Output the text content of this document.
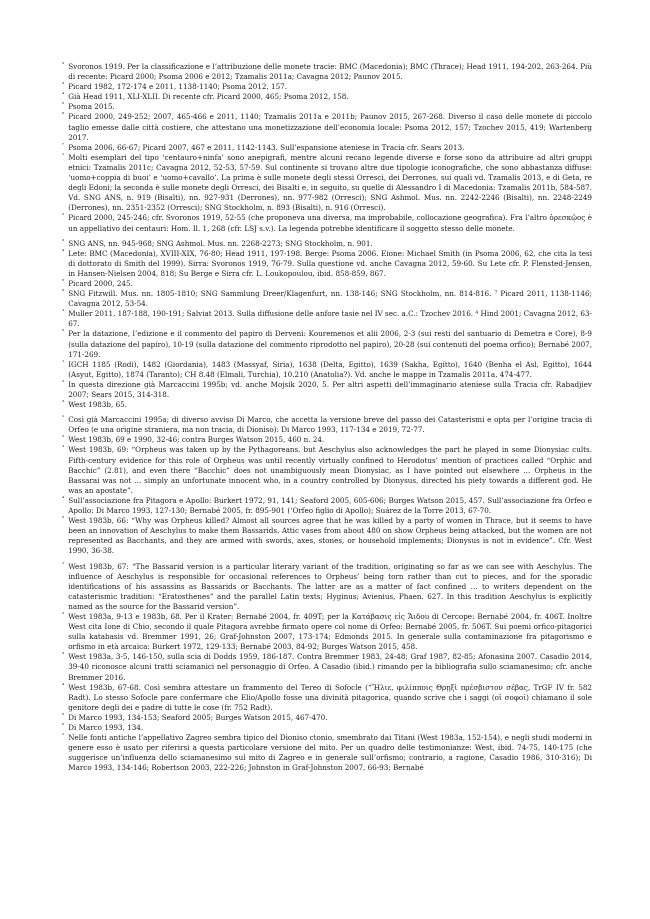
² Svoronos 1919. Per la classificazione e l’attribuzione delle monete tracie: BMC (Macedonia); BMC (Thrace); Head 1911, 194-202, 263-264. Più di recente: Picard 2000; Psoma 2006 e 2012; Tzamalis 2011a; Cavagna 2012; Paunov 2015.

³ Picard 1982, 172-174 e 2011, 1138-1140; Psoma 2012, 157.

⁴ Già Head 1911, XLI-XLII. Di recente cfr. Picard 2000, 465; Psoma 2012, 158.

⁵ Psoma 2015.

⁶ Picard 2000, 249-252; 2007, 465-466 e 2011, 1140; Tzamalis 2011a e 2011b; Paunov 2015, 267-268. Diverso il caso delle monete di piccolo taglio emesse dalle città costiere, che attestano una monetizzazione dell’economia locale: Psoma 2012, 157; Tzochev 2015, 419; Wartenberg 2017.

⁷ Psoma 2006, 66-67; Picard 2007, 467 e 2011, 1142-1143. Sull’espansione ateniese in Tracia cfr. Sears 2013.

¹ Molti esemplari del tipo ‘centauro+ninfa’ sono anepigrafi, mentre alcuni recano legende diverse e forse sono da attribuire ad altri gruppi etnici: Tzamalis 2011c; Cavagna 2012, 52-53, 57-59. Sul continente si trovano altre due tipologie iconografiche, che sono abbastanza diffuse: ‘uomo+coppia di buoi’ e ‘uomo+cavallo’. La prima è sulle monete degli stessi Orresci, dei Derrones, sui quali vd. Tzamalis 2013, e di Geta, re degli Edoni; la seconda è sulle monete degli Orresci, dei Bisalti e, in seguito, su quelle di Alessandro I di Macedonia: Tzamalis 2011b, 584-587. Vd. SNG ANS, n. 919 (Bisalti), nn. 927-931 (Derrones), nn. 977-982 (Orresci); SNG Ashmol. Mus. nn. 2242-2246 (Bisalti), nn. 2248-2249 (Derrones), nn. 2351-2352 (Orresci); SNG Stockholm, n. 893 (Bisalti), n. 916 (Orresci).

² Picard 2000, 245-246; cfr. Svoronos 1919, 52-55 (che proponeva una diversa, ma improbabile, collocazione geografica). Fra l’altro ὀρεσκῷος è un appellativo dei centauri: Hom. Il. 1, 268 (cfr. LSJ s.v.). La legenda potrebbe identificare il soggetto stesso delle monete.

³ SNG ANS, nn. 945-968; SNG Ashmol. Mus. nn. 2268-2273; SNG Stockholm, n. 901.

⁴ Lete: BMC (Macedonia), XVIII-XIX, 76-80; Head 1911, 197-198. Berge: Psoma 2006. Eione: Michael Smith (in Psoma 2006, 62, che cita la tesi di dottorato di Smith del 1999). Sirra: Svoronos 1919, 76-79. Sulla questione vd. anche Cavagna 2012, 59-60. Su Lete cfr. P. Flensted-Jensen, in Hansen-Nielsen 2004, 818; Su Berge e Sirra cfr. L. Loukopoulou, ibid. 858-859, 867.

⁵ Picard 2000, 245.

⁶ SNG Fitzwill. Mus. nn. 1805-1810; SNG Sammlung Dreer/Klagenfurt, nn. 138-146; SNG Stockholm, nn. 814-816. ⁷ Picard 2011, 1138-1146; Cavagna 2012, 53-54.

³ Muller 2011, 187-188, 190-191; Salviat 2013. Sulla diffusione delle anfore tasie nel IV sec. a.C.: Tzochev 2016. ⁴ Hind 2001; Cavagna 2012, 63-67.

⁵ Per la datazione, l’edizione e il commento del papiro di Derveni: Kouremenos et alii 2006, 2-3 (sui resti del santuario di Demetra e Core), 8-9 (sulla datazione del papiro), 10-19 (sulla datazione del commento riprodotto nel papiro), 20-28 (sui contenuti del poema orfico); Bernabé 2007, 171-269.

¹ IGCH 1185 (Rodi), 1482 (Giordania), 1483 (Massyaf, Siria), 1638 (Delta, Egitto), 1639 (Sakha, Egitto), 1640 (Benha el Asl, Egitto), 1644 (Asyut, Egitto), 1874 (Taranto); CH 8.48 (Elmali, Turchia), 10.210 (Anatolia?). Vd. anche le mappe in Tzamalis 2011a, 474-477.

² In questa direzione già Marcaccini 1995b; vd. anche Mojsik 2020, 5. Per altri aspetti dell’immaginario ateniese sulla Tracia cfr. Rabadjiev 2007; Sears 2015, 314-318.

³ West 1983b, 65.

¹ Così già Marcaccini 1995a; di diverso avviso Di Marco, che accetta la versione breve del passo dei Catasterismi e opta per l’origine tracia di Orfeo (e una origine straniera, ma non tracia, di Dioniso): Di Marco 1993, 117-134 e 2019, 72-77.

² West 1983b, 69 e 1990, 32-46; contra Burges Watson 2015, 460 n. 24.

³ West 1983b, 69: “Orpheus was taken up by the Pythagoreans, but Aeschylus also acknowledges the part he played in some Dionysiac cults. Fifth-century evidence for this role of Orpheus was until recently virtually confined to Herodotus’ mention of practices called “Orphic and Bacchic” (2.81), and even there “Bacchic” does not unambiguously mean Dionysiac, as I have pointed out elsewhere … Orpheus in the Bassarai was not … simply an unfortunate innocent who, in a country controlled by Dionysus, directed his piety towards a different god. He was an apostate”.

⁴ Sull’associazione fra Pitagora e Apollo: Burkert 1972, 91, 141; Seaford 2005, 605-606; Burges Watson 2015, 457. Sull’associazione fra Orfeo e Apollo: Di Marco 1993, 127-130; Bernabé 2005, fr. 895-901 (‘Orfeo figlio di Apollo); Suárez de la Torre 2013, 67-70.

⁵ West 1983b, 66: “Why was Orpheus killed? Almost all sources agree that he was killed by a party of women in Thrace, but it seems to have been an innovation of Aeschylus to make them Bassarids. Attic vases from about 480 on show Orpheus being attacked, but the women are not represented as Bacchants, and they are armed with swords, axes, stones, or household implements; Dionysus is not in evidence”. Cfr. West 1990, 36-38.

¹ West 1983b, 67: “The Bassarid version is a particular literary variant of the tradition, originating so far as we can see with Aeschylus. The influence of Aeschylus is responsible for occasional references to Orpheus’ being torn rather than cut to pieces, and for the sporadic identifications of his assassins as Bassarids or Bacchants. The latter are as a matter of fact confined … to writers dependent on the catasterismic tradition: “Eratosthenes” and the parallel Latin texts; Hyginus; Avienius, Phaen. 627. In this tradition Aeschylus is explicitly named as the source for the Bassarid version”.

² West 1983a, 9-13 e 1983b, 68. Per il Krater: Bernabé 2004, fr. 409T; per la Κατάβασις εἰς Ἅιδου di Cercope: Bernabé 2004, fr. 406T. Inoltre West cita Ione di Chio, secondo il quale Pitagora avrebbe firmato opere col nome di Orfeo: Bernabé 2005, fr. 506T. Sui poemi orfico-pitagorici sulla katabasis vd. Bremmer 1991, 26; Graf-Johnston 2007, 173-174; Edmonds 2015. In generale sulla contaminazione fra pitagorismo e orfismo in età arcaica: Burkert 1972, 129-133; Bernabé 2003, 84-92; Burges Watson 2015, 458.

³ West 1983a, 3-5, 146-150, sulla scia di Dodds 1959, 186-187. Contra Bremmer 1983, 24-48; Graf 1987, 82-85; Afonasina 2007. Casadio 2014, 39-40 riconosce alcuni tratti sciamanici nel personaggio di Orfeo. A Casadio (ibid.) rimando per la bibliografia sullo sciamanesimo; cfr. anche Bremmer 2016.

⁴ West 1983b, 67-68. Così sembra attestare un frammento del Tereo di Sofocle (“Ἥλιε, φιλίπποις Θρῃξὶ πρέσβιστον σέβας, TrGF IV fr. 582 Radt). Lo stesso Sofocle pare confermare che Elio/Apollo fosse una divinità pitagorica, quando scrive che i saggi (οἱ σοφοί) chiamano il sole genitore degli dei e padre di tutte le cose (fr. 752 Radt).

⁵ Di Marco 1993, 134-153; Seaford 2005; Burges Watson 2015, 467-470.

⁶ Di Marco 1993, 134.

¹ Nelle fonti antiche l’appellativo Zagreo sembra tipico del Dioniso ctonio, smembrato dai Titani (West 1983a, 152-154), e negli studi moderni in genere esso è usato per riferirsi a questa particolare versione del mito. Per un quadro delle testimonianze: West, ibid. 74-75, 140-175 (che suggerisce un’influenza dello sciamanesimo sul mito di Zagreo e in generale sull’orfismo; contrario, a ragione, Casadio 1986, 310-316); Di Marco 1993, 134-146; Robertson 2003, 222-226; Johnston in Graf-Johnston 2007, 66-93; Bernabé
